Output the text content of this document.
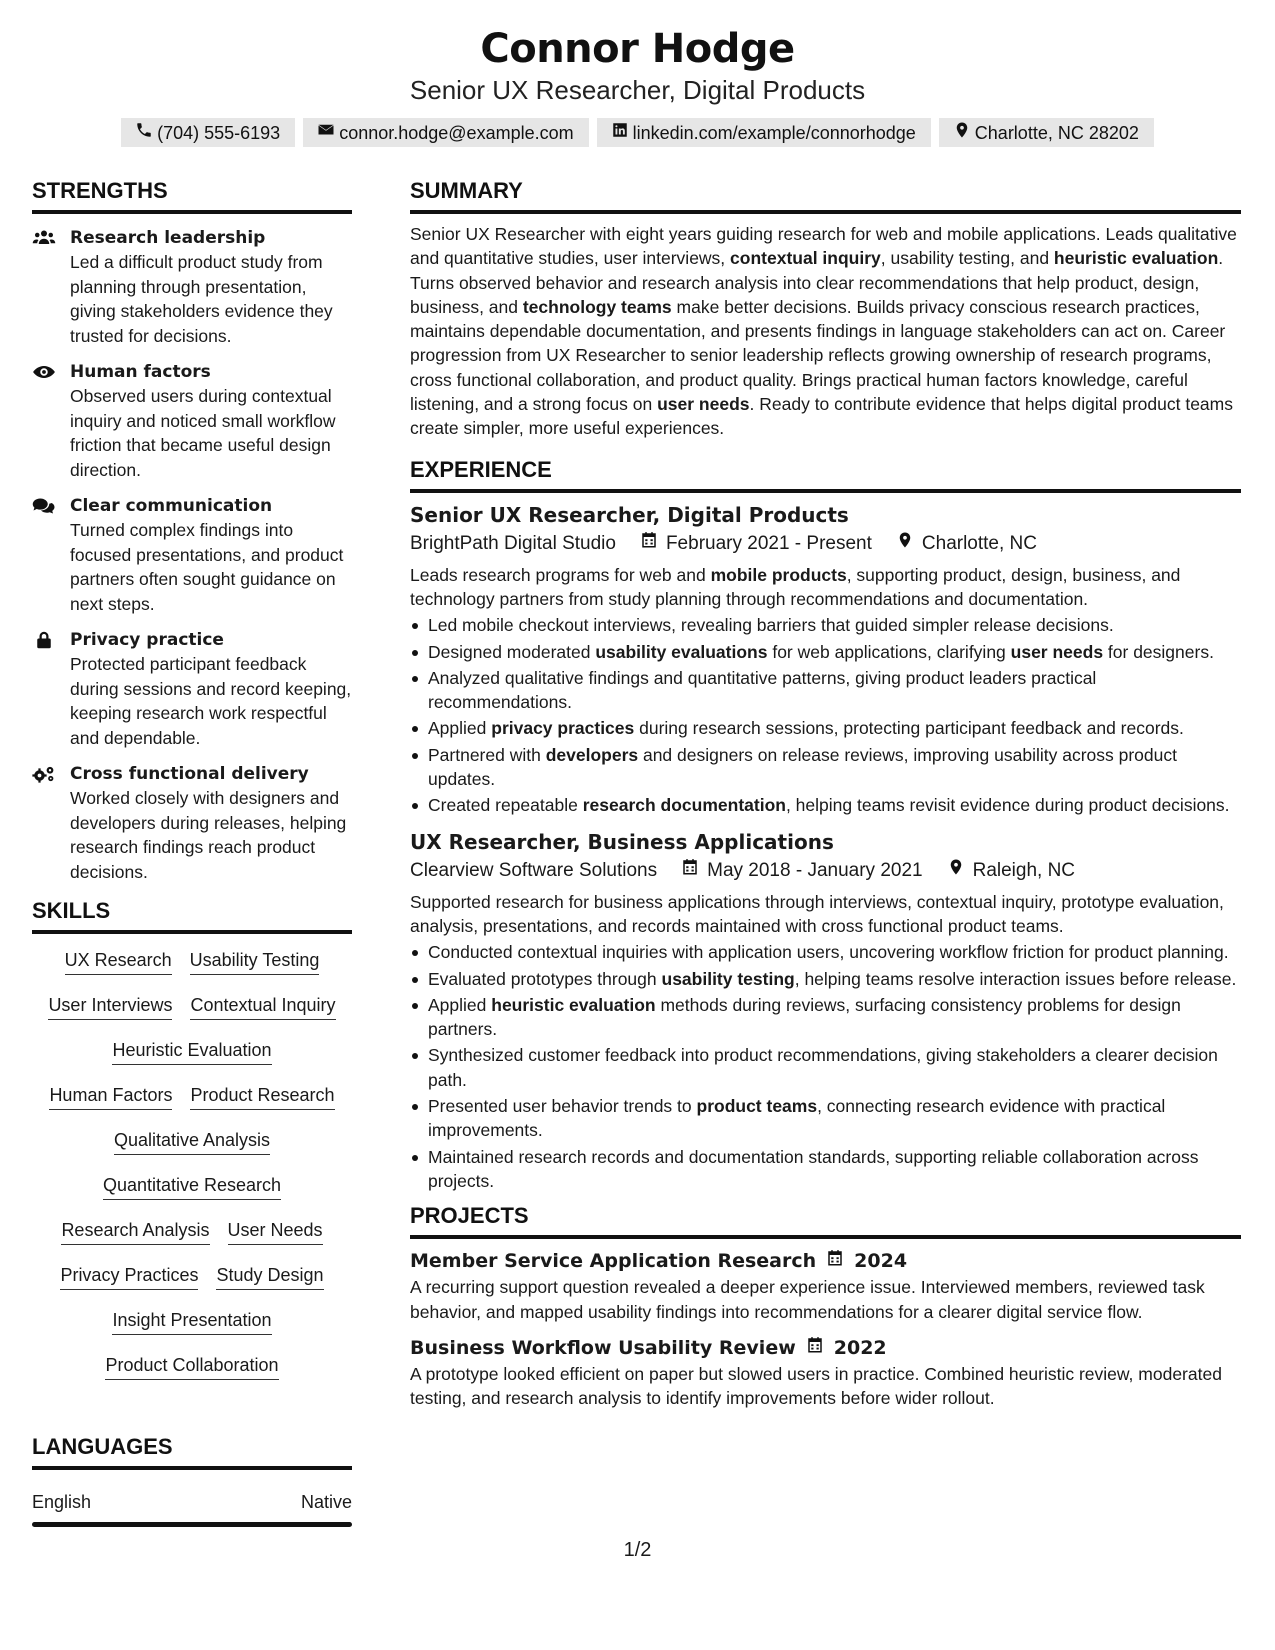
Connor Hodge
Senior UX Researcher, Digital Products
(704) 555-6193	connor.hodge@example.com	linkedin.com/example/connorhodge	Charlotte, NC 28202
STRENGTHS
Research leadership
Led a difficult product study from planning through presentation, giving stakeholders evidence they trusted for decisions.
Human factors
Observed users during contextual inquiry and noticed small workflow friction that became useful design direction.
Clear communication
Turned complex findings into focused presentations, and product partners often sought guidance on next steps.
Privacy practice
Protected participant feedback during sessions and record keeping, keeping research work respectful and dependable.
Cross functional delivery
Worked closely with designers and developers during releases, helping research findings reach product decisions.
SKILLS
UX Research Usability Testing
User Interviews Contextual Inquiry
Heuristic Evaluation
Human Factors Product Research
Qualitative Analysis
Quantitative Research
Research Analysis User Needs
Privacy Practices Study Design
Insight Presentation
Product Collaboration
LANGUAGES
English	Native
SUMMARY
Senior UX Researcher with eight years guiding research for web and mobile applications. Leads qualitative and quantitative studies, user interviews, contextual inquiry, usability testing, and heuristic evaluation. Turns observed behavior and research analysis into clear recommendations that help product, design, business, and technology teams make better decisions. Builds privacy conscious research practices, maintains dependable documentation, and presents findings in language stakeholders can act on. Career progression from UX Researcher to senior leadership reflects growing ownership of research programs, cross functional collaboration, and product quality. Brings practical human factors knowledge, careful listening, and a strong focus on user needs. Ready to contribute evidence that helps digital product teams create simpler, more useful experiences.
EXPERIENCE
Senior UX Researcher, Digital Products
BrightPath Digital Studio	February 2021 - Present	Charlotte, NC
Leads research programs for web and mobile products, supporting product, design, business, and technology partners from study planning through recommendations and documentation.
Led mobile checkout interviews, revealing barriers that guided simpler release decisions.
Designed moderated usability evaluations for web applications, clarifying user needs for designers.
Analyzed qualitative findings and quantitative patterns, giving product leaders practical recommendations.
Applied privacy practices during research sessions, protecting participant feedback and records.
Partnered with developers and designers on release reviews, improving usability across product updates.
Created repeatable research documentation, helping teams revisit evidence during product decisions.
UX Researcher, Business Applications
Clearview Software Solutions	May 2018 - January 2021	Raleigh, NC
Supported research for business applications through interviews, contextual inquiry, prototype evaluation, analysis, presentations, and records maintained with cross functional product teams.
Conducted contextual inquiries with application users, uncovering workflow friction for product planning.
Evaluated prototypes through usability testing, helping teams resolve interaction issues before release.
Applied heuristic evaluation methods during reviews, surfacing consistency problems for design partners.
Synthesized customer feedback into product recommendations, giving stakeholders a clearer decision path.
Presented user behavior trends to product teams, connecting research evidence with practical improvements.
Maintained research records and documentation standards, supporting reliable collaboration across projects.
PROJECTS
Member Service Application Research 2024
A recurring support question revealed a deeper experience issue. Interviewed members, reviewed task behavior, and mapped usability findings into recommendations for a clearer digital service flow.
Business Workflow Usability Review 2022
A prototype looked efficient on paper but slowed users in practice. Combined heuristic review, moderated testing, and research analysis to identify improvements before wider rollout.
1/2
